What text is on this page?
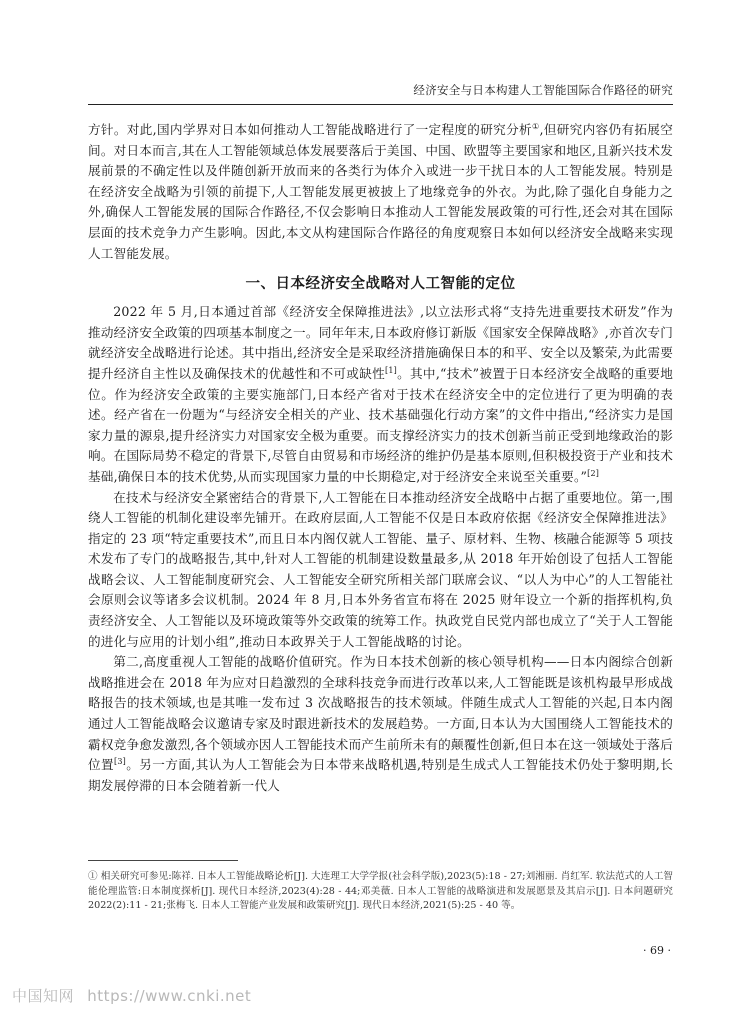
经济安全与日本构建人工智能国际合作路径的研究

方针。对此,国内学界对日本如何推动人工智能战略进行了一定程度的研究分析①,但研究内容仍有拓展空间。对日本而言,其在人工智能领域总体发展要落后于美国、中国、欧盟等主要国家和地区,且新兴技术发展前景的不确定性以及伴随创新开放而来的各类行为体介入或进一步干扰日本的人工智能发展。特别是在经济安全战略为引领的前提下,人工智能发展更被披上了地缘竞争的外衣。为此,除了强化自身能力之外,确保人工智能发展的国际合作路径,不仅会影响日本推动人工智能发展政策的可行性,还会对其在国际层面的技术竞争力产生影响。因此,本文从构建国际合作路径的角度观察日本如何以经济安全战略来实现人工智能发展。

一、日本经济安全战略对人工智能的定位

2022 年 5 月,日本通过首部《经济安全保障推进法》,以立法形式将“支持先进重要技术研发”作为推动经济安全政策的四项基本制度之一。同年年末,日本政府修订新版《国家安全保障战略》,亦首次专门就经济安全战略进行论述。其中指出,经济安全是采取经济措施确保日本的和平、安全以及繁荣,为此需要提升经济自主性以及确保技术的优越性和不可或缺性[1]。其中,“技术”被置于日本经济安全战略的重要地位。作为经济安全政策的主要实施部门,日本经产省对于技术在经济安全中的定位进行了更为明确的表述。经产省在一份题为“与经济安全相关的产业、技术基础强化行动方案”的文件中指出,“经济实力是国家力量的源泉,提升经济实力对国家安全极为重要。而支撑经济实力的技术创新当前正受到地缘政治的影响。在国际局势不稳定的背景下,尽管自由贸易和市场经济的维护仍是基本原则,但积极投资于产业和技术基础,确保日本的技术优势,从而实现国家力量的中长期稳定,对于经济安全来说至关重要。”[2]

在技术与经济安全紧密结合的背景下,人工智能在日本推动经济安全战略中占据了重要地位。第一,围绕人工智能的机制化建设率先铺开。在政府层面,人工智能不仅是日本政府依据《经济安全保障推进法》指定的 23 项“特定重要技术”,而且日本内阁仅就人工智能、量子、原材料、生物、核融合能源等 5 项技术发布了专门的战略报告,其中,针对人工智能的机制建设数量最多,从 2018 年开始创设了包括人工智能战略会议、人工智能制度研究会、人工智能安全研究所相关部门联席会议、“以人为中心”的人工智能社会原则会议等诸多会议机制。2024 年 8 月,日本外务省宣布将在 2025 财年设立一个新的指挥机构,负责经济安全、人工智能以及环境政策等外交政策的统筹工作。执政党自民党内部也成立了“关于人工智能的进化与应用的计划小组”,推动日本政界关于人工智能战略的讨论。

第二,高度重视人工智能的战略价值研究。作为日本技术创新的核心领导机构——日本内阁综合创新战略推进会在 2018 年为应对日趋激烈的全球科技竞争而进行改革以来,人工智能既是该机构最早形成战略报告的技术领域,也是其唯一发布过 3 次战略报告的技术领域。伴随生成式人工智能的兴起,日本内阁通过人工智能战略会议邀请专家及时跟进新技术的发展趋势。一方面,日本认为大国围绕人工智能技术的霸权竞争愈发激烈,各个领域亦因人工智能技术而产生前所未有的颠覆性创新,但日本在这一领域处于落后位置[3]。另一方面,其认为人工智能会为日本带来战略机遇,特别是生成式人工智能技术仍处于黎明期,长期发展停滞的日本会随着新一代人

① 相关研究可参见:陈祥. 日本人工智能战略论析[J]. 大连理工大学学报(社会科学版),2023(5):18 - 27;刘湘丽. 肖红军. 软法范式的人工智能伦理监管:日本制度探析[J]. 现代日本经济,2023(4):28 - 44;邓美薇. 日本人工智能的战略演进和发展愿景及其启示[J]. 日本问题研究 2022(2):11 - 21;张梅飞. 日本人工智能产业发展和政策研究[J]. 现代日本经济,2021(5):25 - 40 等。
· 69 ·
中国知网 https://www.cnki.net
